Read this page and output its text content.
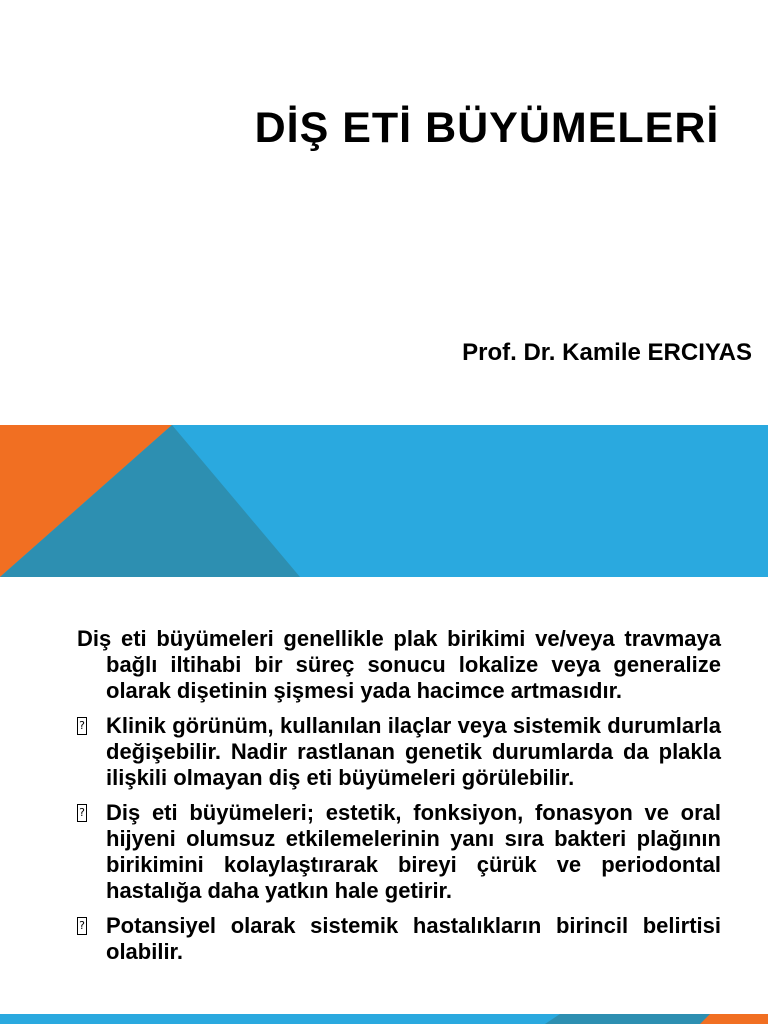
DİŞ ETİ BÜYÜMELERİ

Prof. Dr. Kamile ERCIYAS

Diş eti büyümeleri genellikle plak birikimi ve/veya travmaya bağlı iltihabi bir süreç sonucu lokalize veya generalize olarak dişetinin şişmesi yada hacimce artmasıdır.

? Klinik görünüm, kullanılan ilaçlar veya sistemik durumlarla değişebilir. Nadir rastlanan genetik durumlarda da plakla ilişkili olmayan diş eti büyümeleri görülebilir.

? Diş eti büyümeleri; estetik, fonksiyon, fonasyon ve oral hijyeni olumsuz etkilemelerinin yanı sıra bakteri plağının birikimini kolaylaştırarak bireyi çürük ve periodontal hastalığa daha yatkın hale getirir.

? Potansiyel olarak sistemik hastalıkların birincil belirtisi olabilir.
